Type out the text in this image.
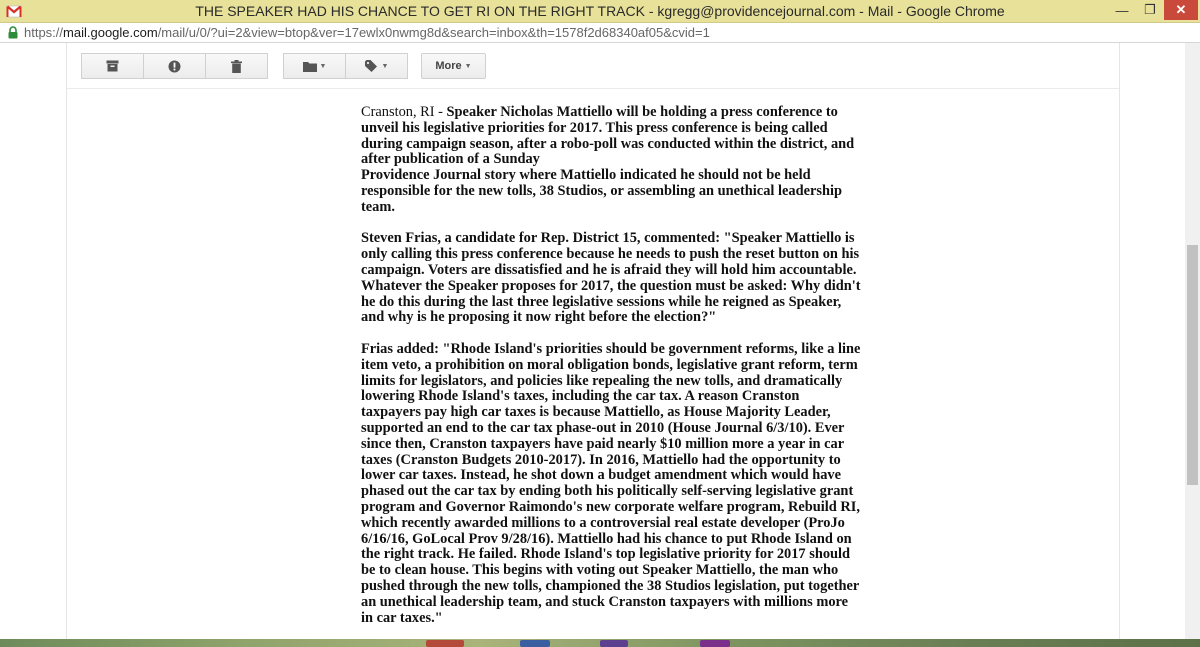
THE SPEAKER HAD HIS CHANCE TO GET RI ON THE RIGHT TRACK - kgregg@providencejournal.com - Mail - Google Chrome	—	❐	✕
https://mail.google.com/mail/u/0/?ui=2&view=btop&ver=17ewlx0nwmg8d&search=inbox&th=1578f2d68340af05&cvid=1
▼	▼	More ▼

Cranston, RI - Speaker Nicholas Mattiello will be holding a press conference to unveil his legislative priorities for 2017. This press conference is being called during campaign season, after a robo-poll was conducted within the district, and after publication of a Sunday
Providence Journal story where Mattiello indicated he should not be held responsible for the new tolls, 38 Studios, or assembling an unethical leadership team.

Steven Frias, a candidate for Rep. District 15, commented: "Speaker Mattiello is only calling this press conference because he needs to push the reset button on his campaign. Voters are dissatisfied and he is afraid they will hold him accountable. Whatever the Speaker proposes for 2017, the question must be asked: Why didn't he do this during the last three legislative sessions while he reigned as Speaker, and why is he proposing it now right before the election?"

Frias added: "Rhode Island's priorities should be government reforms, like a line item veto, a prohibition on moral obligation bonds, legislative grant reform, term limits for legislators, and policies like repealing the new tolls, and dramatically lowering Rhode Island's taxes, including the car tax. A reason Cranston taxpayers pay high car taxes is because Mattiello, as House Majority Leader, supported an end to the car tax phase-out in 2010 (House Journal 6/3/10). Ever since then, Cranston taxpayers have paid nearly $10 million more a year in car taxes (Cranston Budgets 2010-2017). In 2016, Mattiello had the opportunity to lower car taxes. Instead, he shot down a budget amendment which would have phased out the car tax by ending both his politically self-serving legislative grant program and Governor Raimondo's new corporate welfare program, Rebuild RI, which recently awarded millions to a controversial real estate developer (ProJo 6/16/16, GoLocal Prov 9/28/16). Mattiello had his chance to put Rhode Island on the right track. He failed. Rhode Island's top legislative priority for 2017 should be to clean house. This begins with voting out Speaker Mattiello, the man who pushed through the new tolls, championed the 38 Studios legislation, put together an unethical leadership team, and stuck Cranston taxpayers with millions more in car taxes."
